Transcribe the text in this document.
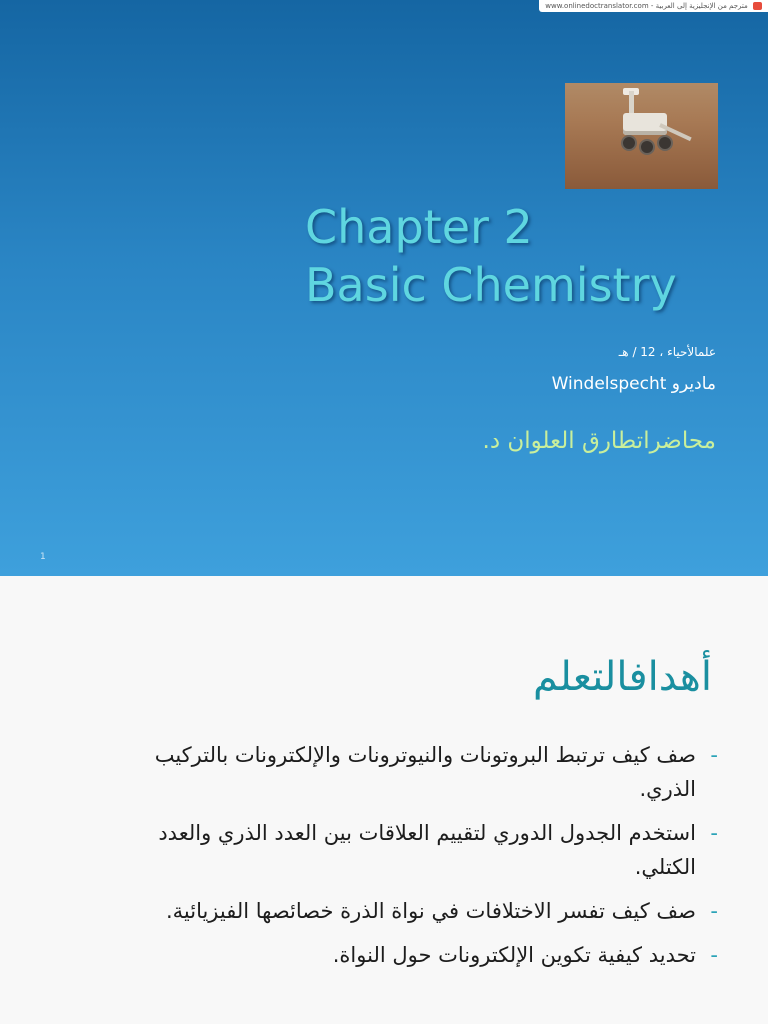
www.onlinedoctranslator.com - مترجم من الإنجليزية إلى العربية
Chapter 2
Basic Chemistry
علمالأحياء ، 12 / هـ
ماديرو Windelspecht
محاضراتطارق العلوان د.
1
أهدافالتعلم
-
صف كيف ترتبط البروتونات والنيوترونات والإلكترونات بالتركيب الذري.
-
استخدم الجدول الدوري لتقييم العلاقات بين العدد الذري والعدد الكتلي.
-
صف كيف تفسر الاختلافات في نواة الذرة خصائصها الفيزيائية.
-
تحديد كيفية تكوين الإلكترونات حول النواة.
